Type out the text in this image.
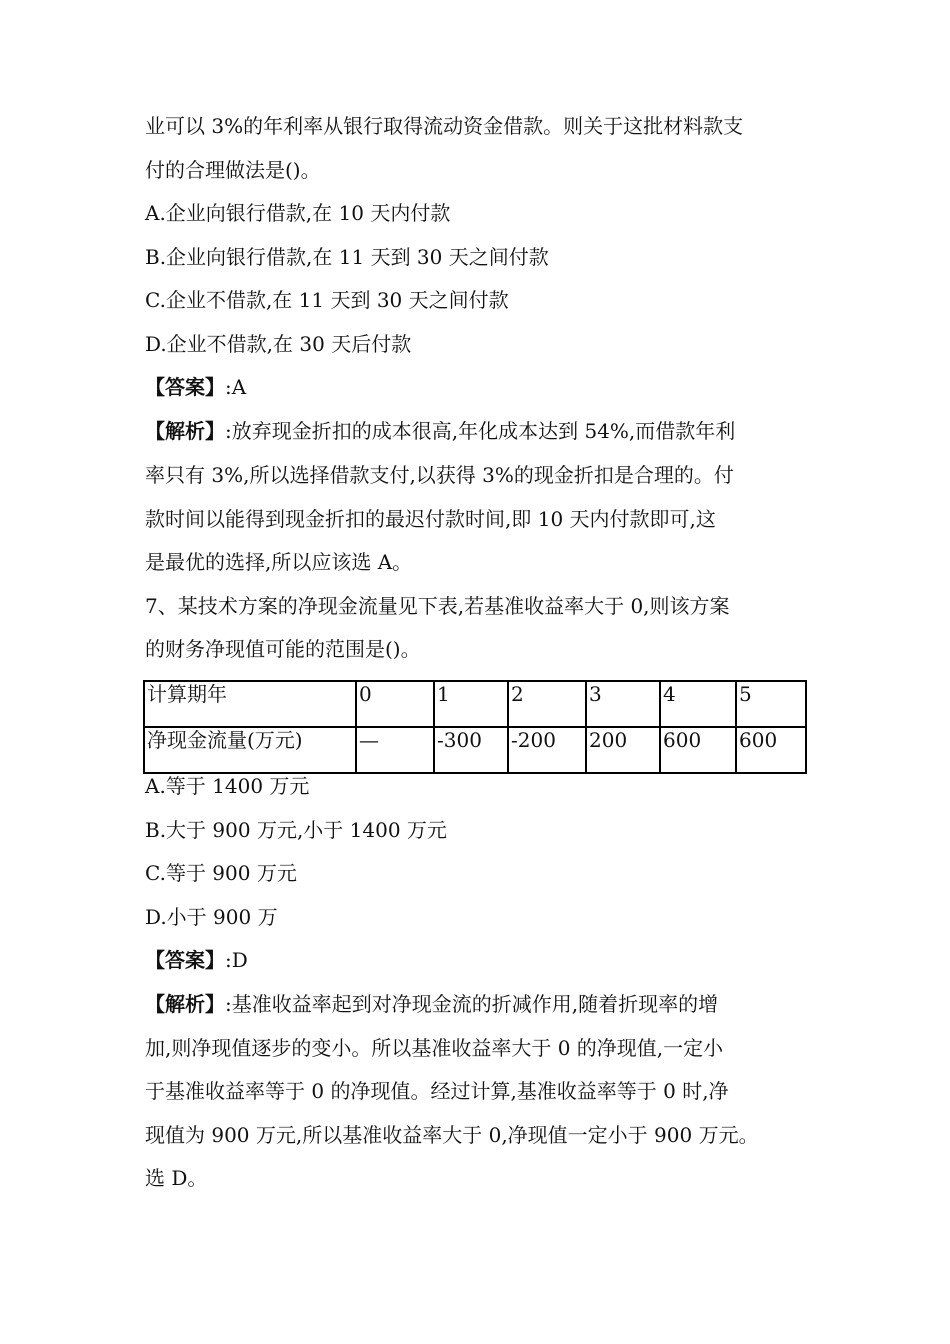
业可以 3%的年利率从银行取得流动资金借款。则关于这批材料款支
付的合理做法是()。
A.企业向银行借款,在 10 天内付款
B.企业向银行借款,在 11 天到 30 天之间付款
C.企业不借款,在 11 天到 30 天之间付款
D.企业不借款,在 30 天后付款
【答案】:A
【解析】:放弃现金折扣的成本很高,年化成本达到 54%,而借款年利
率只有 3%,所以选择借款支付,以获得 3%的现金折扣是合理的。付
款时间以能得到现金折扣的最迟付款时间,即 10 天内付款即可,这
是最优的选择,所以应该选 A。
7、某技术方案的净现金流量见下表,若基准收益率大于 0,则该方案
的财务净现值可能的范围是()。
计算期年	0	1	2	3	4	5
净现金流量(万元)	—	-300	-200	200	600	600
A.等于 1400 万元
B.大于 900 万元,小于 1400 万元
C.等于 900 万元
D.小于 900 万
【答案】:D
【解析】:基准收益率起到对净现金流的折减作用,随着折现率的增
加,则净现值逐步的变小。所以基准收益率大于 0 的净现值,一定小
于基准收益率等于 0 的净现值。经过计算,基准收益率等于 0 时,净
现值为 900 万元,所以基准收益率大于 0,净现值一定小于 900 万元。
选 D。
